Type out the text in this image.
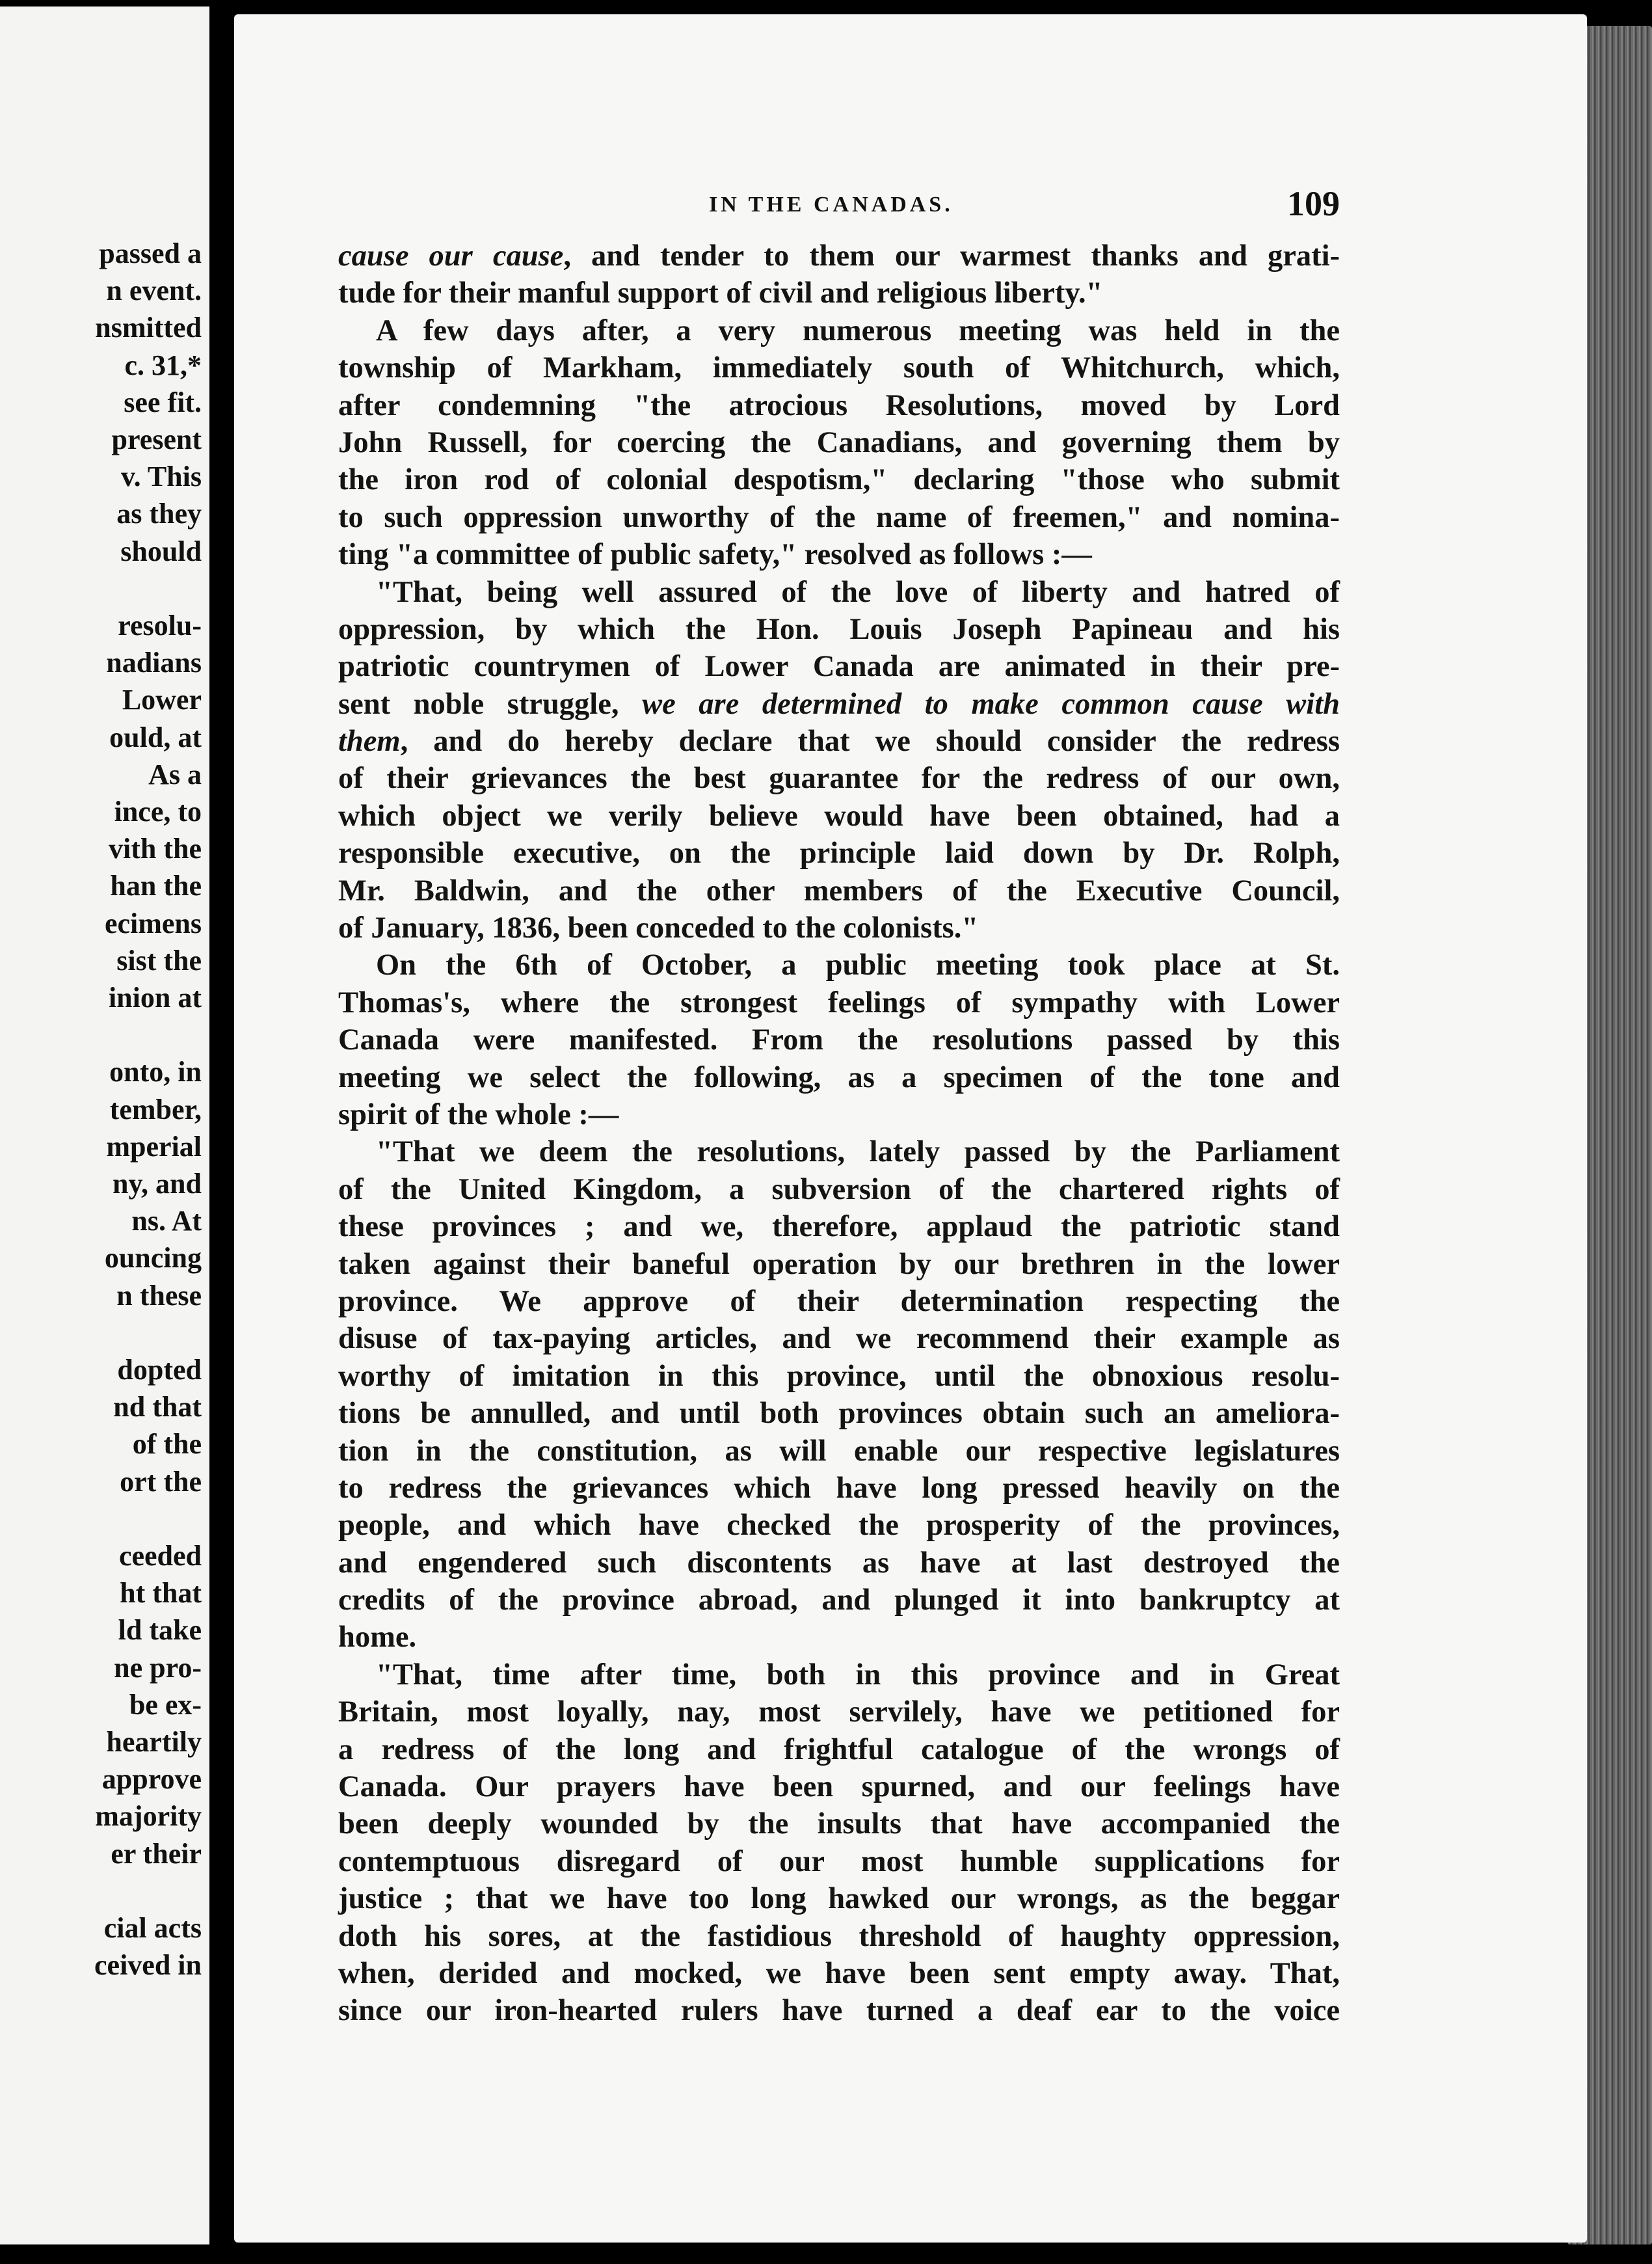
passed a
n event.
nsmitted
c. 31,*
see fit.
present
v. This
as they
should
resolu-
nadians
Lower
ould, at
As a
ince, to
vith the
han the
ecimens
sist the
inion at
onto, in
tember,
mperial
ny, and
ns. At
ouncing
n these
dopted
nd that
of the
ort the
ceeded
ht that
ld take
ne pro-
be ex-
heartily
approve
majority
er their
cial acts
ceived in
IN THE CANADAS.	109
cause our cause, and tender to them our warmest thanks and grati-
tude for their manful support of civil and religious liberty."
A few days after, a very numerous meeting was held in the
township of Markham, immediately south of Whitchurch, which,
after condemning "the atrocious Resolutions, moved by Lord
John Russell, for coercing the Canadians, and governing them by
the iron rod of colonial despotism," declaring "those who submit
to such oppression unworthy of the name of freemen," and nomina-
ting "a committee of public safety," resolved as follows :—
"That, being well assured of the love of liberty and hatred of
oppression, by which the Hon. Louis Joseph Papineau and his
patriotic countrymen of Lower Canada are animated in their pre-
sent noble struggle, we are determined to make common cause with
them, and do hereby declare that we should consider the redress
of their grievances the best guarantee for the redress of our own,
which object we verily believe would have been obtained, had a
responsible executive, on the principle laid down by Dr. Rolph,
Mr. Baldwin, and the other members of the Executive Council,
of January, 1836, been conceded to the colonists."
On the 6th of October, a public meeting took place at St.
Thomas's, where the strongest feelings of sympathy with Lower
Canada were manifested. From the resolutions passed by this
meeting we select the following, as a specimen of the tone and
spirit of the whole :—
"That we deem the resolutions, lately passed by the Parliament
of the United Kingdom, a subversion of the chartered rights of
these provinces ; and we, therefore, applaud the patriotic stand
taken against their baneful operation by our brethren in the lower
province. We approve of their determination respecting the
disuse of tax-paying articles, and we recommend their example as
worthy of imitation in this province, until the obnoxious resolu-
tions be annulled, and until both provinces obtain such an ameliora-
tion in the constitution, as will enable our respective legislatures
to redress the grievances which have long pressed heavily on the
people, and which have checked the prosperity of the provinces,
and engendered such discontents as have at last destroyed the
credits of the province abroad, and plunged it into bankruptcy at
home.
"That, time after time, both in this province and in Great
Britain, most loyally, nay, most servilely, have we petitioned for
a redress of the long and frightful catalogue of the wrongs of
Canada. Our prayers have been spurned, and our feelings have
been deeply wounded by the insults that have accompanied the
contemptuous disregard of our most humble supplications for
justice ; that we have too long hawked our wrongs, as the beggar
doth his sores, at the fastidious threshold of haughty oppression,
when, derided and mocked, we have been sent empty away. That,
since our iron-hearted rulers have turned a deaf ear to the voice
